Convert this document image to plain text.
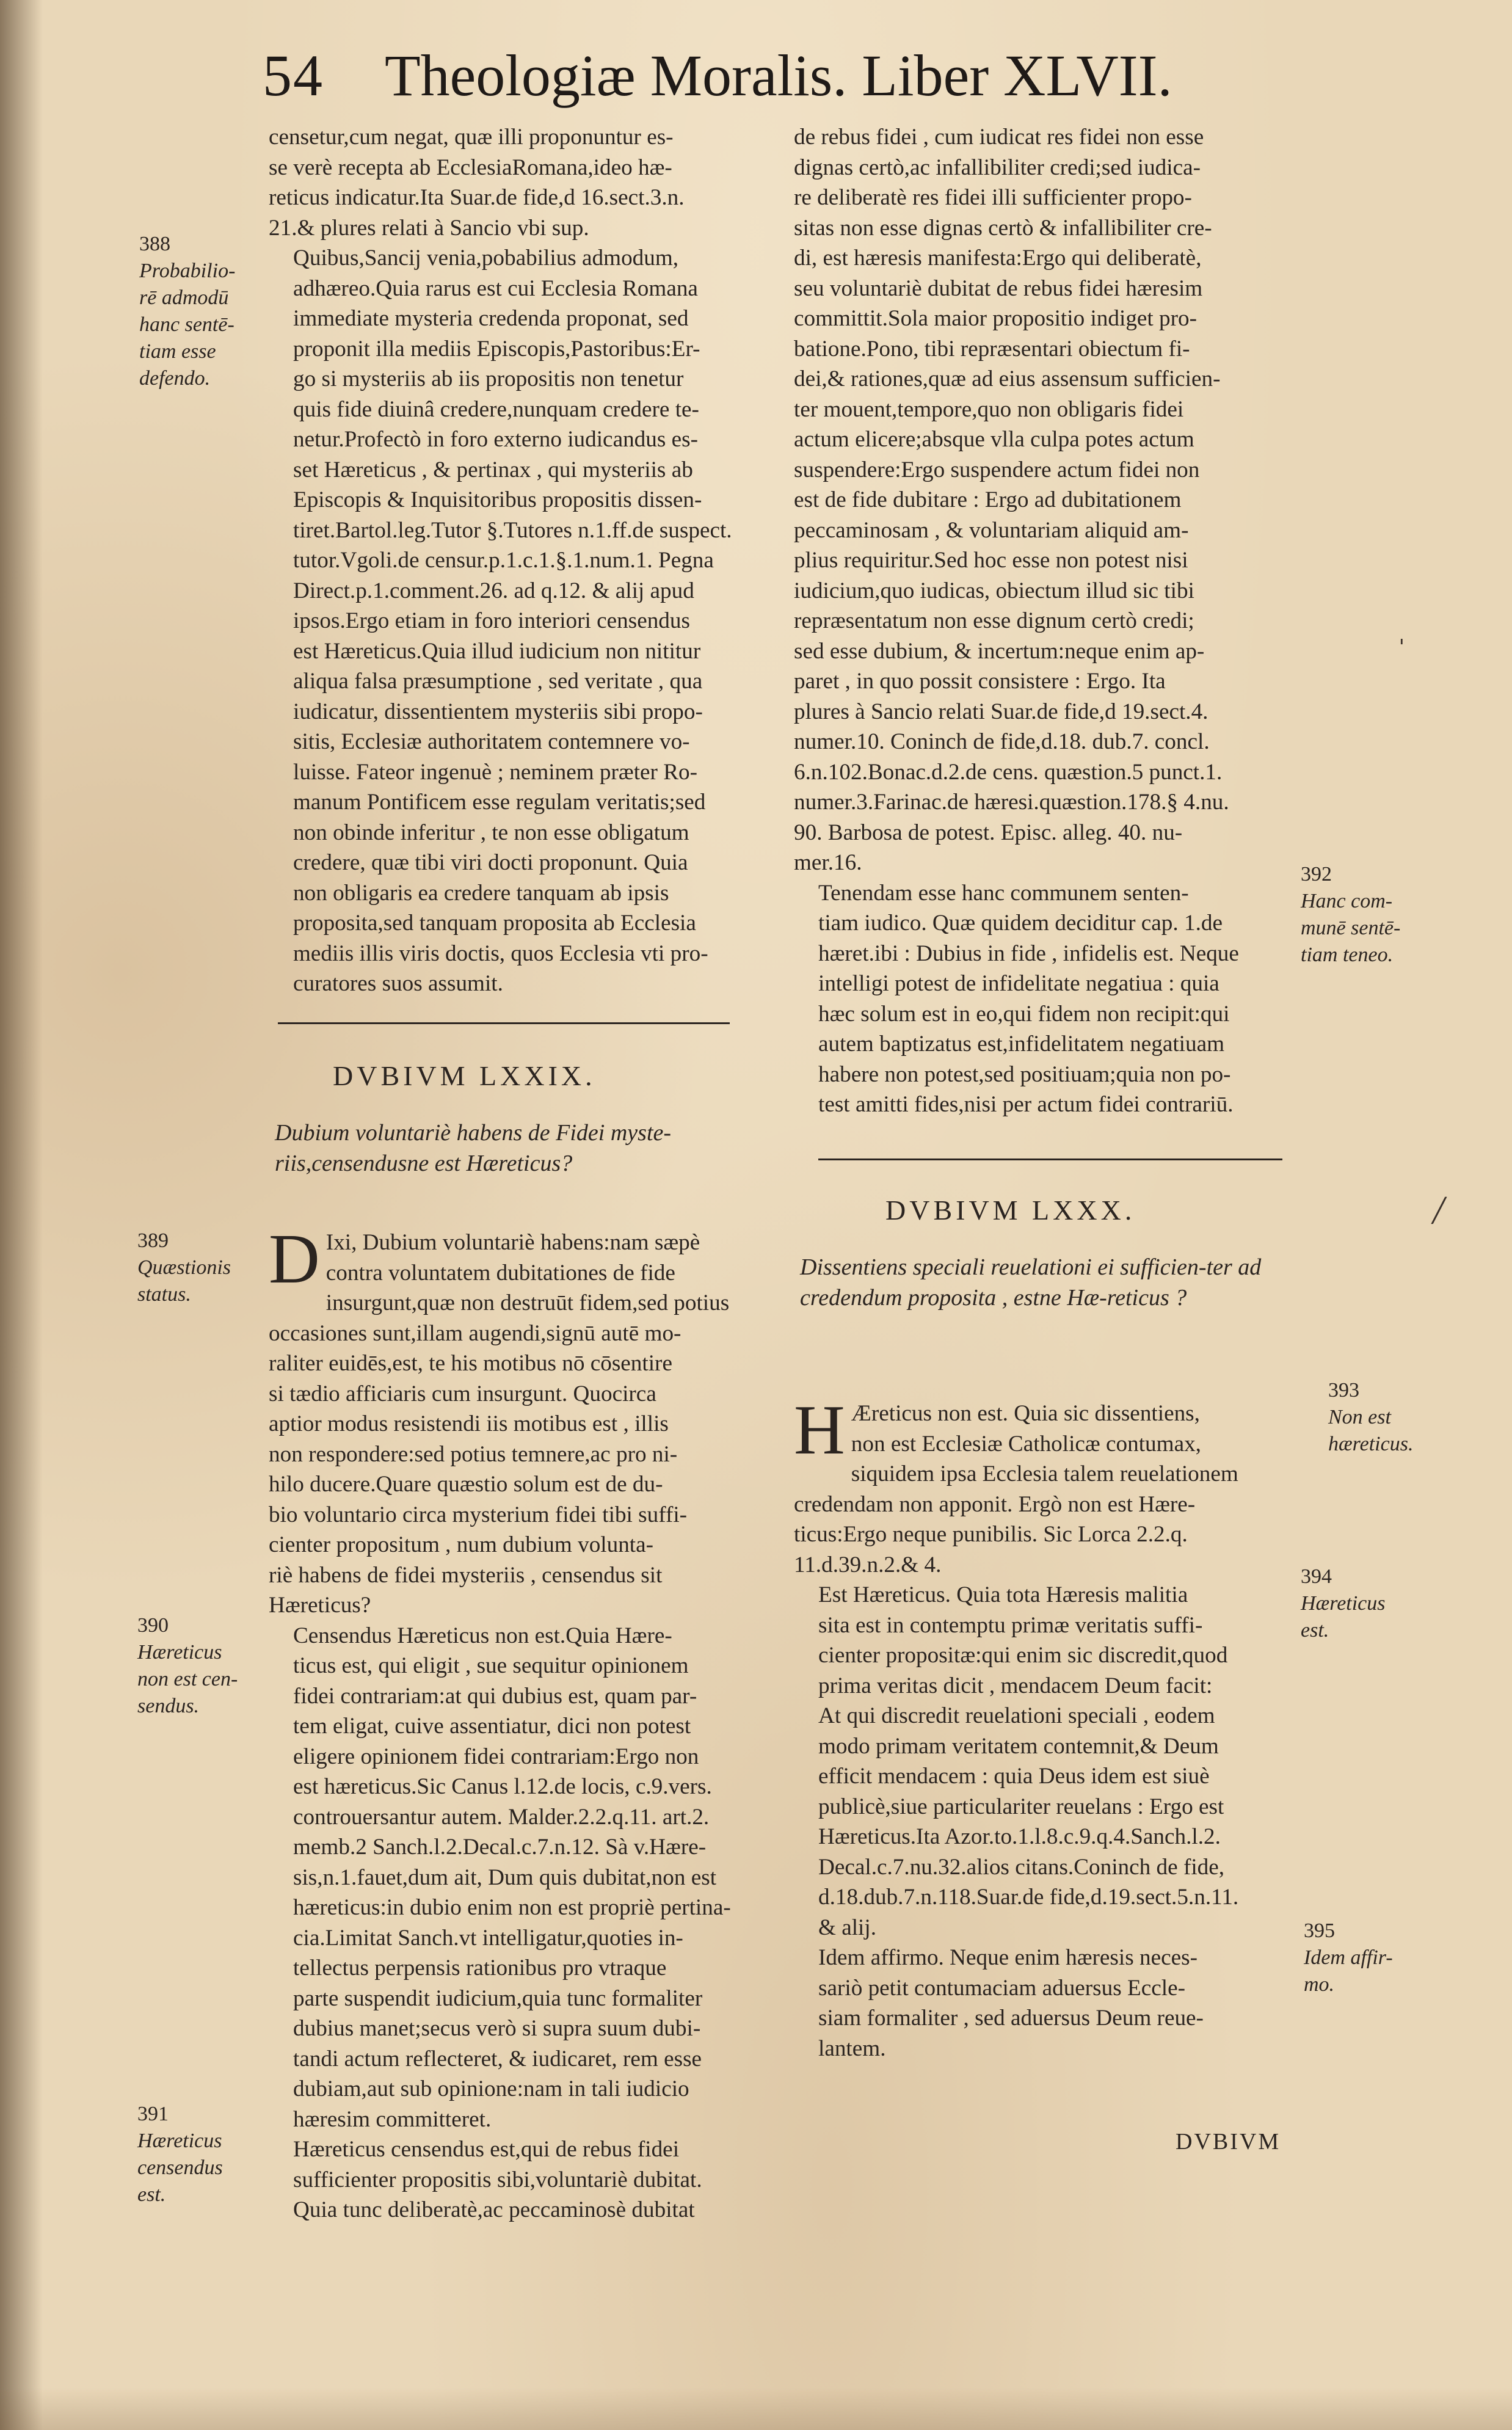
54 Theologiæ Moralis. Liber XLVII.

censetur,cum negat, quæ illi proponuntur es-
se verè recepta ab EcclesiaRomana,ideo hæ-
reticus indicatur.Ita Suar.de fide,d 16.sect.3.n.
21.& plures relati à Sancio vbi sup.

Quibus,Sancij venia,pobabilius admodum,
adhæreo.Quia rarus est cui Ecclesia Romana
immediate mysteria credenda proponat, sed
proponit illa mediis Episcopis,Pastoribus:Er-
go si mysteriis ab iis propositis non tenetur
quis fide diuinâ credere,nunquam credere te-
netur.Profectò in foro externo iudicandus es-
set Hæreticus , & pertinax , qui mysteriis ab
Episcopis & Inquisitoribus propositis dissen-
tiret.Bartol.leg.Tutor §.Tutores n.1.ff.de suspect.
tutor.Vgoli.de censur.p.1.c.1.§.1.num.1. Pegna
Direct.p.1.comment.26. ad q.12. & alij apud
ipsos.Ergo etiam in foro interiori censendus
est Hæreticus.Quia illud iudicium non nititur
aliqua falsa præsumptione , sed veritate , qua
iudicatur, dissentientem mysteriis sibi propo-
sitis, Ecclesiæ authoritatem contemnere vo-
luisse. Fateor ingenuè ; neminem præter Ro-
manum Pontificem esse regulam veritatis;sed
non obinde inferitur , te non esse obligatum
credere, quæ tibi viri docti proponunt. Quia
non obligaris ea credere tanquam ab ipsis
proposita,sed tanquam proposita ab Ecclesia
mediis illis viris doctis, quos Ecclesia vti pro-
curatores suos assumit.

DVBIVM LXXIX.
Dubium voluntariè habens de Fidei myste-riis,censendusne est Hæreticus?

D Ixi, Dubium voluntariè habens:nam sæpè
contra voluntatem dubitationes de fide
insurgunt,quæ non destruūt fidem,sed potius
occasiones sunt,illam augendi,signū autē mo-
raliter euidēs,est, te his motibus nō cōsentire
si tædio afficiaris cum insurgunt. Quocirca
aptior modus resistendi iis motibus est , illis
non respondere:sed potius temnere,ac pro ni-
hilo ducere.Quare quæstio solum est de du-
bio voluntario circa mysterium fidei tibi suffi-
cienter propositum , num dubium volunta-
riè habens de fidei mysteriis , censendus sit
Hæreticus?

Censendus Hæreticus non est.Quia Hære-
ticus est, qui eligit , sue sequitur opinionem
fidei contrariam:at qui dubius est, quam par-
tem eligat, cuive assentiatur, dici non potest
eligere opinionem fidei contrariam:Ergo non
est hæreticus.Sic Canus l.12.de locis, c.9.vers.
controuersantur autem. Malder.2.2.q.11. art.2.
memb.2 Sanch.l.2.Decal.c.7.n.12. Sà v.Hære-
sis,n.1.fauet,dum ait, Dum quis dubitat,non est
hæreticus:in dubio enim non est propriè pertina-
cia.Limitat Sanch.vt intelligatur,quoties in-
tellectus perpensis rationibus pro vtraque
parte suspendit iudicium,quia tunc formaliter
dubius manet;secus verò si supra suum dubi-
tandi actum reflecteret, & iudicaret, rem esse
dubiam,aut sub opinione:nam in tali iudicio
hæresim committeret.

Hæreticus censendus est,qui de rebus fidei
sufficienter propositis sibi,voluntariè dubitat.
Quia tunc deliberatè,ac peccaminosè dubitat

de rebus fidei , cum iudicat res fidei non esse
dignas certò,ac infallibiliter credi;sed iudica-
re deliberatè res fidei illi sufficienter propo-
sitas non esse dignas certò & infallibiliter cre-
di, est hæresis manifesta:Ergo qui deliberatè,
seu voluntariè dubitat de rebus fidei hæresim
committit.Sola maior propositio indiget pro-
batione.Pono, tibi repræsentari obiectum fi-
dei,& rationes,quæ ad eius assensum sufficien-
ter mouent,tempore,quo non obligaris fidei
actum elicere;absque vlla culpa potes actum
suspendere:Ergo suspendere actum fidei non
est de fide dubitare : Ergo ad dubitationem
peccaminosam , & voluntariam aliquid am-
plius requiritur.Sed hoc esse non potest nisi
iudicium,quo iudicas, obiectum illud sic tibi
repræsentatum non esse dignum certò credi;
sed esse dubium, & incertum:neque enim ap-
paret , in quo possit consistere : Ergo. Ita
plures à Sancio relati Suar.de fide,d 19.sect.4.
numer.10. Coninch de fide,d.18. dub.7. concl.
6.n.102.Bonac.d.2.de cens. quæstion.5 punct.1.
numer.3.Farinac.de hæresi.quæstion.178.§ 4.nu.
90. Barbosa de potest. Episc. alleg. 40. nu-
mer.16.

Tenendam esse hanc communem senten-
tiam iudico. Quæ quidem deciditur cap. 1.de
hæret.ibi : Dubius in fide , infidelis est. Neque
intelligi potest de infidelitate negatiua : quia
hæc solum est in eo,qui fidem non recipit:qui
autem baptizatus est,infidelitatem negatiuam
habere non potest,sed positiuam;quia non po-
test amitti fides,nisi per actum fidei contrariū.

DVBIVM LXXX.
Dissentiens speciali reuelationi ei sufficien-ter ad credendum proposita , estne Hæ-reticus ?

H Æreticus non est. Quia sic dissentiens,
non est Ecclesiæ Catholicæ contumax,
siquidem ipsa Ecclesia talem reuelationem
credendam non apponit. Ergò non est Hære-
ticus:Ergo neque punibilis. Sic Lorca 2.2.q.
11.d.39.n.2.& 4.

Est Hæreticus. Quia tota Hæresis malitia
sita est in contemptu primæ veritatis suffi-
cienter propositæ:qui enim sic discredit,quod
prima veritas dicit , mendacem Deum facit:
At qui discredit reuelationi speciali , eodem
modo primam veritatem contemnit,& Deum
efficit mendacem : quia Deus idem est siuè
publicè,siue particulariter reuelans : Ergo est
Hæreticus.Ita Azor.to.1.l.8.c.9.q.4.Sanch.l.2.
Decal.c.7.nu.32.alios citans.Coninch de fide,
d.18.dub.7.n.118.Suar.de fide,d.19.sect.5.n.11.
& alij.

Idem affirmo. Neque enim hæresis neces-
sariò petit contumaciam aduersus Eccle-
siam formaliter , sed aduersus Deum reue-
lantem.

DVBIVM
388
Probabilio-
rē admodū
hanc sentē-
tiam esse
defendo.
389
Quæstionis
status.
390
Hæreticus
non est cen-
sendus.
391
Hæreticus
censendus
est.
392
Hanc com-
munē sentē-
tiam teneo.
393
Non est
hæreticus.
394
Hæreticus
est.
395
Idem affir-
mo.
ˈ
╱
